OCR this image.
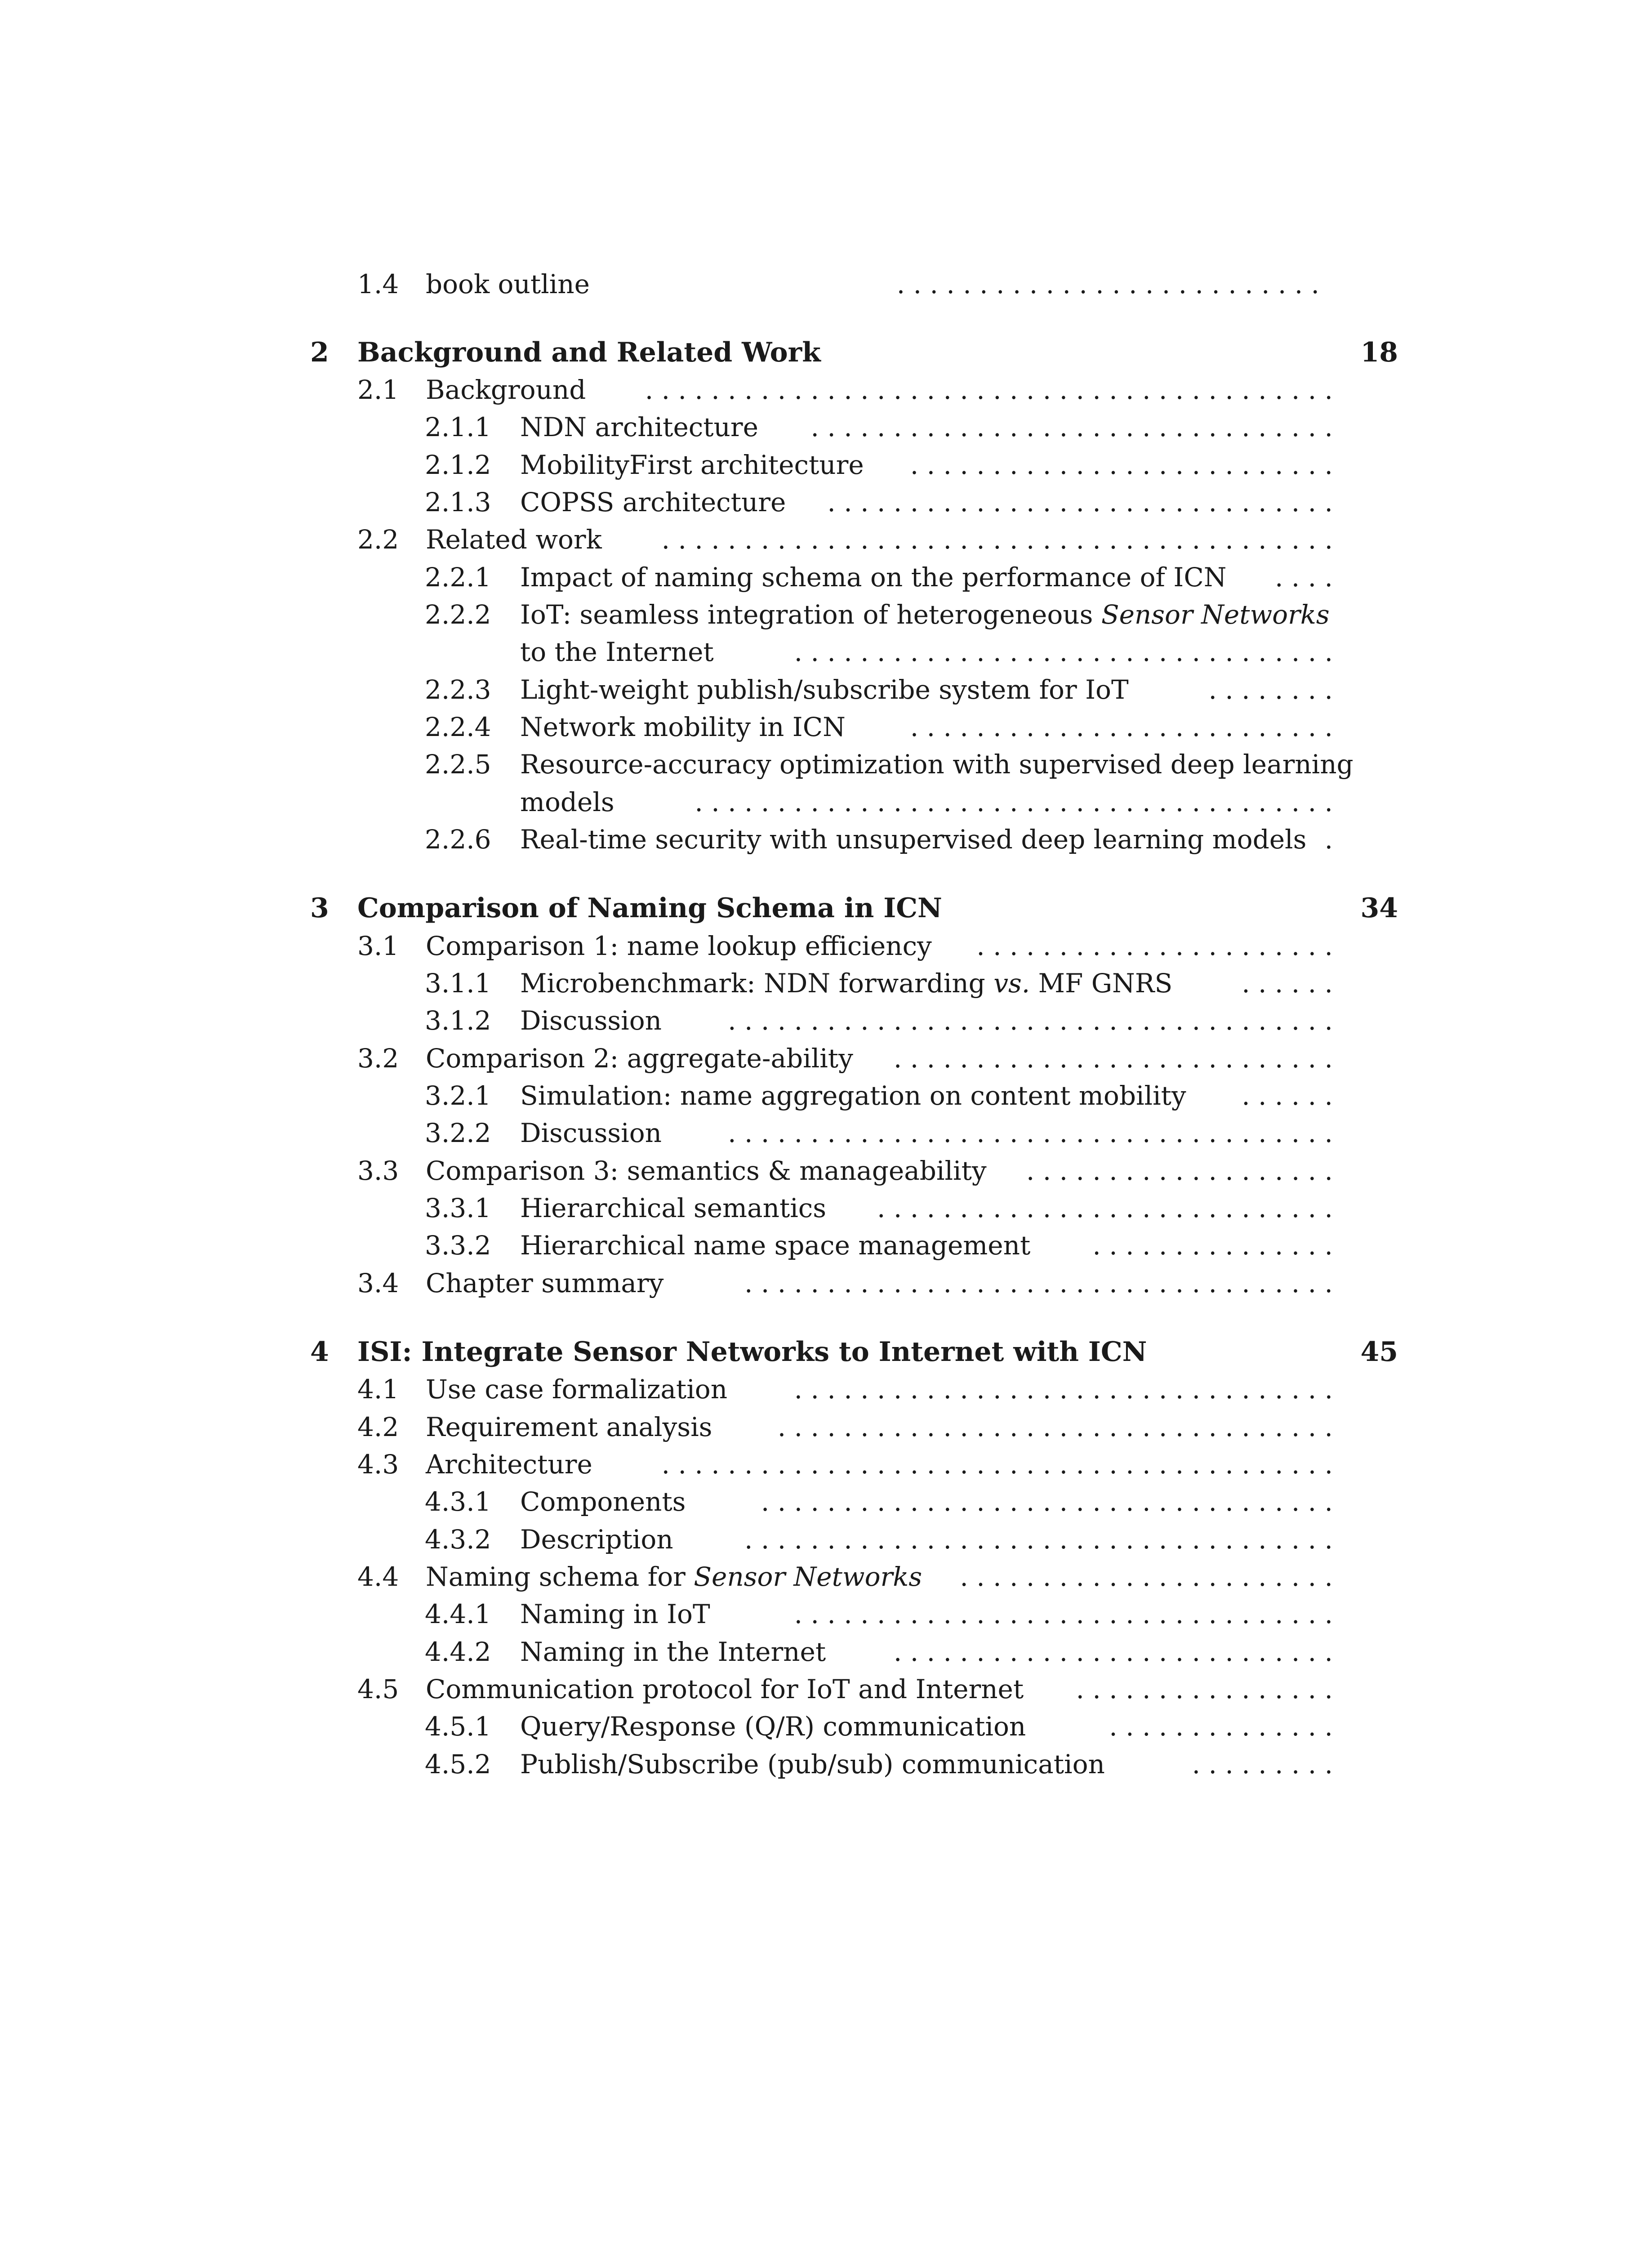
1.4 book outline	. . . . . . . . . . . . . . . . . . . . . . . . . .
2 Background and Related Work	18
2.1 Background	. . . . . . . . . . . . . . . . . . . . . . . . . . . . . . . . . . . . . . . . . .
2.1.1 NDN architecture	. . . . . . . . . . . . . . . . . . . . . . . . . . . . . . . .
2.1.2 MobilityFirst architecture	. . . . . . . . . . . . . . . . . . . . . . . . . .
2.1.3 COPSS architecture	. . . . . . . . . . . . . . . . . . . . . . . . . . . . . . .
2.2 Related work	. . . . . . . . . . . . . . . . . . . . . . . . . . . . . . . . . . . . . . . . .
2.2.1 Impact of naming schema on the performance of ICN	. . . .
2.2.2 IoT: seamless integration of heterogeneous Sensor Networks
to the Internet	. . . . . . . . . . . . . . . . . . . . . . . . . . . . . . . . .
2.2.3 Light-weight publish/subscribe system for IoT	. . . . . . . .
2.2.4 Network mobility in ICN	. . . . . . . . . . . . . . . . . . . . . . . . . .
2.2.5 Resource-accuracy optimization with supervised deep learning
models	. . . . . . . . . . . . . . . . . . . . . . . . . . . . . . . . . . . . . . .
2.2.6 Real-time security with unsupervised deep learning models .
3 Comparison of Naming Schema in ICN	34
3.1 Comparison 1: name lookup efficiency	. . . . . . . . . . . . . . . . . . . . . .
3.1.1 Microbenchmark: NDN forwarding vs. MF GNRS	. . . . . .
3.1.2 Discussion	. . . . . . . . . . . . . . . . . . . . . . . . . . . . . . . . . . . . .
3.2 Comparison 2: aggregate-ability	. . . . . . . . . . . . . . . . . . . . . . . . . . .
3.2.1 Simulation: name aggregation on content mobility	. . . . . .
3.2.2 Discussion	. . . . . . . . . . . . . . . . . . . . . . . . . . . . . . . . . . . . .
3.3 Comparison 3: semantics & manageability	. . . . . . . . . . . . . . . . . . .
3.3.1 Hierarchical semantics	. . . . . . . . . . . . . . . . . . . . . . . . . . . .
3.3.2 Hierarchical name space management	. . . . . . . . . . . . . . .
3.4 Chapter summary	. . . . . . . . . . . . . . . . . . . . . . . . . . . . . . . . . . . .
4 ISI: Integrate Sensor Networks to Internet with ICN	45
4.1 Use case formalization	. . . . . . . . . . . . . . . . . . . . . . . . . . . . . . . . .
4.2 Requirement analysis	. . . . . . . . . . . . . . . . . . . . . . . . . . . . . . . . . .
4.3 Architecture	. . . . . . . . . . . . . . . . . . . . . . . . . . . . . . . . . . . . . . . . .
4.3.1 Components	. . . . . . . . . . . . . . . . . . . . . . . . . . . . . . . . . . .
4.3.2 Description	. . . . . . . . . . . . . . . . . . . . . . . . . . . . . . . . . . . .
4.4 Naming schema for Sensor Networks	. . . . . . . . . . . . . . . . . . . . . . .
4.4.1 Naming in IoT	. . . . . . . . . . . . . . . . . . . . . . . . . . . . . . . . .
4.4.2 Naming in the Internet	. . . . . . . . . . . . . . . . . . . . . . . . . . .
4.5 Communication protocol for IoT and Internet	. . . . . . . . . . . . . . . .
4.5.1 Query/Response (Q/R) communication	. . . . . . . . . . . . . .
4.5.2 Publish/Subscribe (pub/sub) communication	. . . . . . . . .
